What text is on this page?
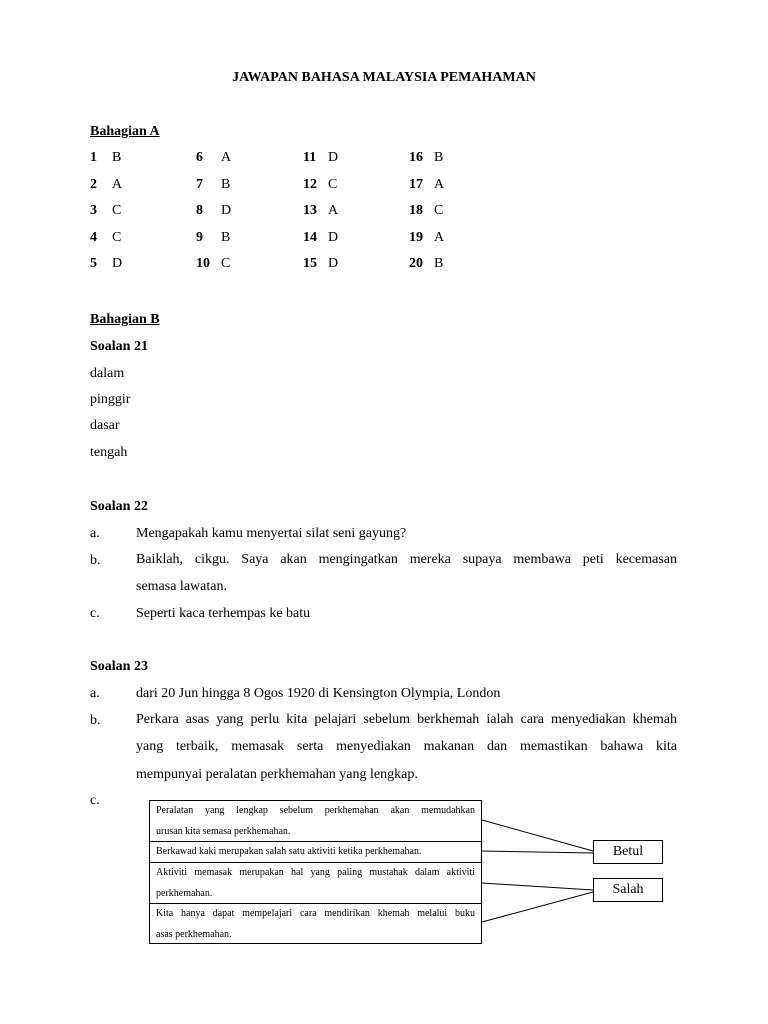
JAWAPAN BAHASA MALAYSIA PEMAHAMAN
Bahagian A
1 B	6 A	11 D	16 B
2 A	7 B	12 C	17 A
3 C	8 D	13 A	18 C
4 C	9 B	14 D	19 A
5 D	10 C	15 D	20 B
Bahagian B
Soalan 21
dalam
pinggir
dasar
tengah
Soalan 22
a.	Mengapakah kamu menyertai silat seni gayung?
b.	Baiklah, cikgu. Saya akan mengingatkan mereka supaya membawa peti kecemasan
semasa lawatan.
c.	Seperti kaca terhempas ke batu
Soalan 23
a.	dari 20 Jun hingga 8 Ogos 1920 di Kensington Olympia, London
b.	Perkara asas yang perlu kita pelajari sebelum berkhemah ialah cara menyediakan khemah
yang terbaik, memasak serta menyediakan makanan dan memastikan bahawa kita
mempunyai peralatan perkhemahan yang lengkap.
c.
Peralatan yang lengkap sebelum perkhemahan akan memudahkan
urusan kita semasa perkhemahan.
Berkawad kaki merupakan salah satu aktiviti ketika perkhemahan.
Aktiviti memasak merupakan hal yang paling mustahak dalam aktiviti
perkhemahan.
Kita hanya dapat mempelajari cara mendirikan khemah melalui buku
asas perkhemahan.
Betul
Salah
